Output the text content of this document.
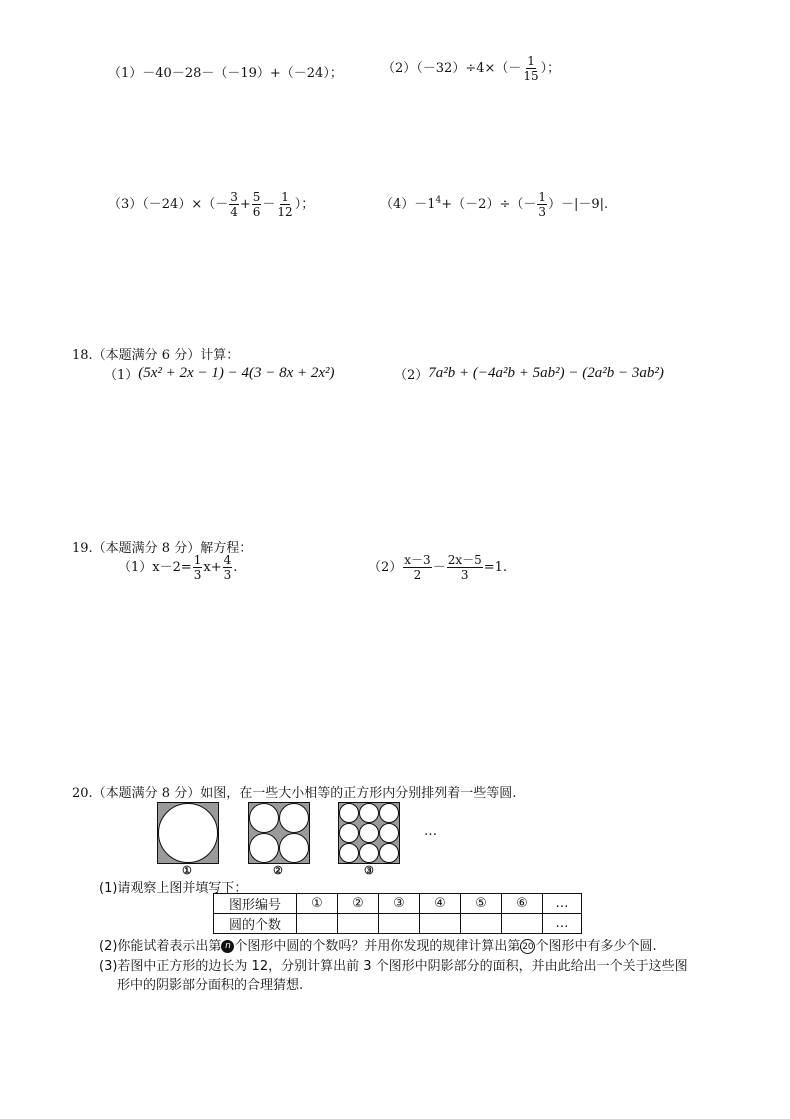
（1）－40－28－（－19）+（－24）；	$(2)(-32)\div 4\times(- \frac{1}{15}$ ）；
$(3)(-24)\times(- \frac{3}{4} + \frac{5}{6} - \frac{1}{12}$ ）；	$(4)-1^4+(-2)\div(- \frac{1}{3} )-|-9|$.
18.（本题满分 6 分）计算：
（1）(5x² + 2x − 1) − 4(3 − 8x + 2x²)	（2）7a²b + (−4a²b + 5ab²) − (2a²b − 3ab²)
19.（本题满分 8 分）解方程：
$(1)x-2= \frac{1}{3} x+ \frac{4}{3}$ .	$(2) \frac{x-3}{2} - \frac{2x-5}{3} =1$.
20.（本题满分 8 分）如图，在一些大小相等的正方形内分别排列着一些等圆.
…
①	②	③
(1)请观察上图并填写下：
图形编号	①	②	③	④	⑤	⑥	…
圆的个数							…
(2)你能试着表示出第 n 个图形中圆的个数吗？并用你发现的规律计算出第 20 个图形中有多少个圆.
(3)若图中正方形的边长为 12，分别计算出前 3 个图形中阴影部分的面积，并由此给出一个关于这些图
形中的阴影部分面积的合理猜想.
